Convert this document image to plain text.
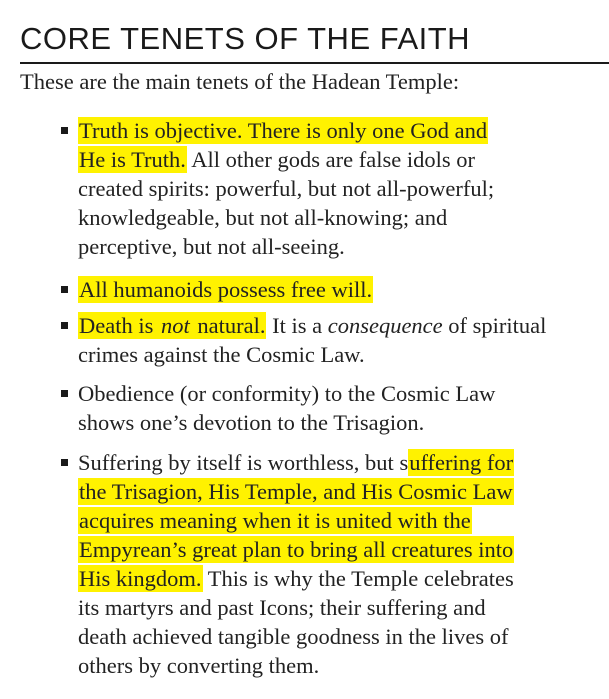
CORE TENETS OF THE FAITH

These are the main tenets of the Hadean Temple:

Truth is objective. There is only one God and
He is Truth. All other gods are false idols or
created spirits: powerful, but not all-powerful;
knowledgeable, but not all-knowing; and
perceptive, but not all-seeing.
All humanoids possess free will.
Death is not natural. It is a consequence of spiritual
crimes against the Cosmic Law.
Obedience (or conformity) to the Cosmic Law
shows one’s devotion to the Trisagion.
Suffering by itself is worthless, but suffering for
the Trisagion, His Temple, and His Cosmic Law
acquires meaning when it is united with the
Empyrean’s great plan to bring all creatures into
His kingdom. This is why the Temple celebrates
its martyrs and past Icons; their suffering and
death achieved tangible goodness in the lives of
others by converting them.
